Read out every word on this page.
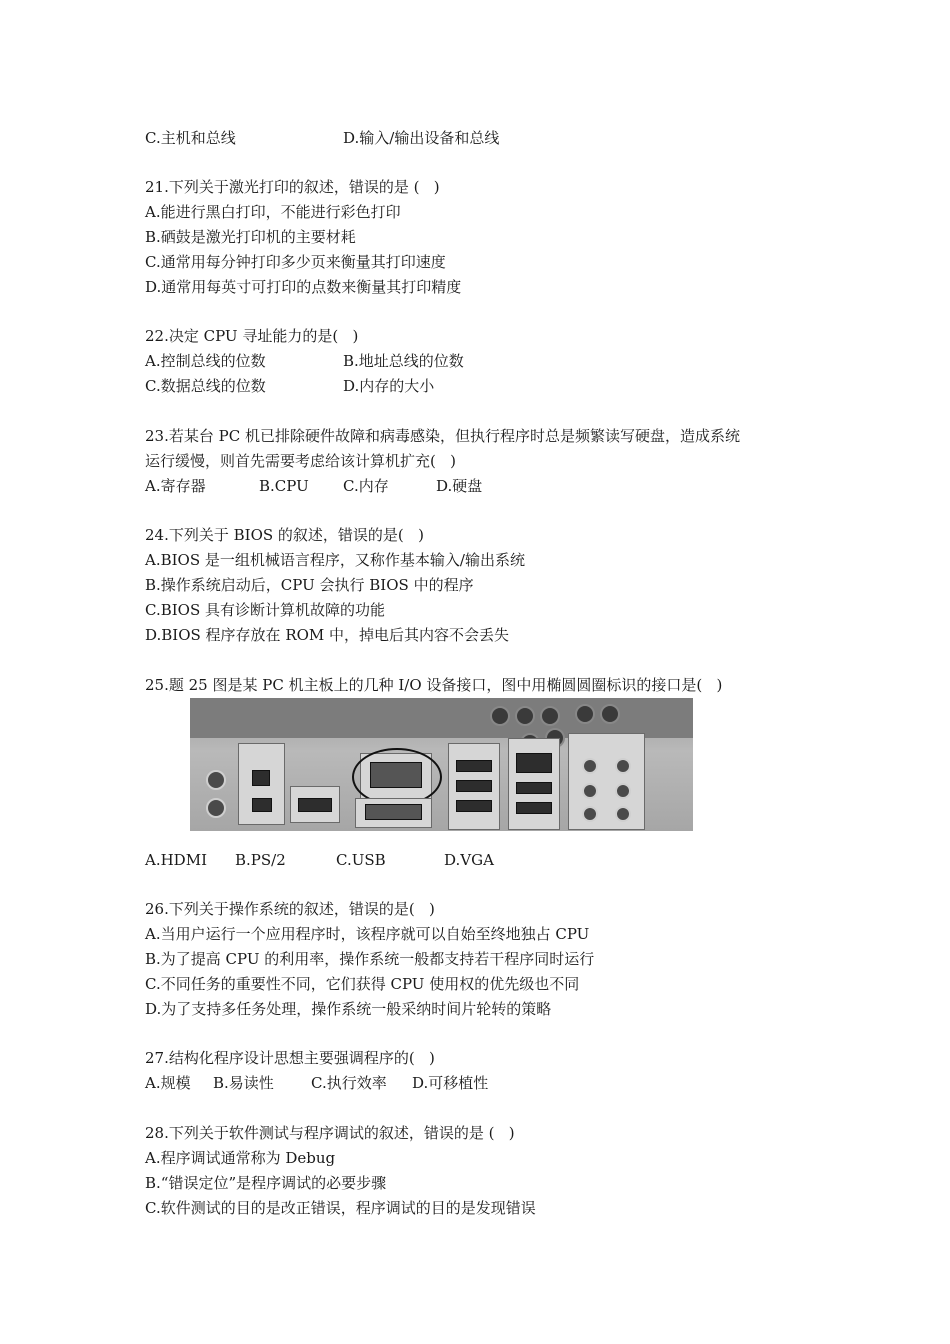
C.主机和总线	D.输入/输出设备和总线
21.下列关于激光打印的叙述，错误的是 (   )
A.能进行黑白打印，不能进行彩色打印
B.硒鼓是激光打印机的主要材耗
C.通常用每分钟打印多少页来衡量其打印速度
D.通常用每英寸可打印的点数来衡量其打印精度
22.决定 CPU 寻址能力的是(   )
A.控制总线的位数	B.地址总线的位数
C.数据总线的位数	D.内存的大小
23.若某台 PC 机已排除硬件故障和病毒感染，但执行程序时总是频繁读写硬盘，造成系统
运行缓慢，则首先需要考虑给该计算机扩充(   )
A.寄存器	B.CPU C.内存	D.硬盘
24.下列关于 BIOS 的叙述，错误的是(   )
A.BIOS 是一组机械语言程序，又称作基本输入/输出系统
B.操作系统启动后，CPU 会执行 BIOS 中的程序
C.BIOS 具有诊断计算机故障的功能
D.BIOS 程序存放在 ROM 中，掉电后其内容不会丢失
25.题 25 图是某 PC 机主板上的几种 I/O 设备接口，图中用椭圆圆圈标识的接口是(   )
A.HDMI B.PS/2	C.USB	D.VGA
26.下列关于操作系统的叙述，错误的是(   )
A.当用户运行一个应用程序时，该程序就可以自始至终地独占 CPU
B.为了提高 CPU 的利用率，操作系统一般都支持若干程序同时运行
C.不同任务的重要性不同，它们获得 CPU 使用权的优先级也不同
D.为了支持多任务处理，操作系统一般采纳时间片轮转的策略
27.结构化程序设计思想主要强调程序的(   )
A.规模 B.易读性 C.执行效率 D.可移植性
28.下列关于软件测试与程序调试的叙述，错误的是 (   )
A.程序调试通常称为 Debug
B.“错误定位”是程序调试的必要步骤
C.软件测试的目的是改正错误，程序调试的目的是发现错误
